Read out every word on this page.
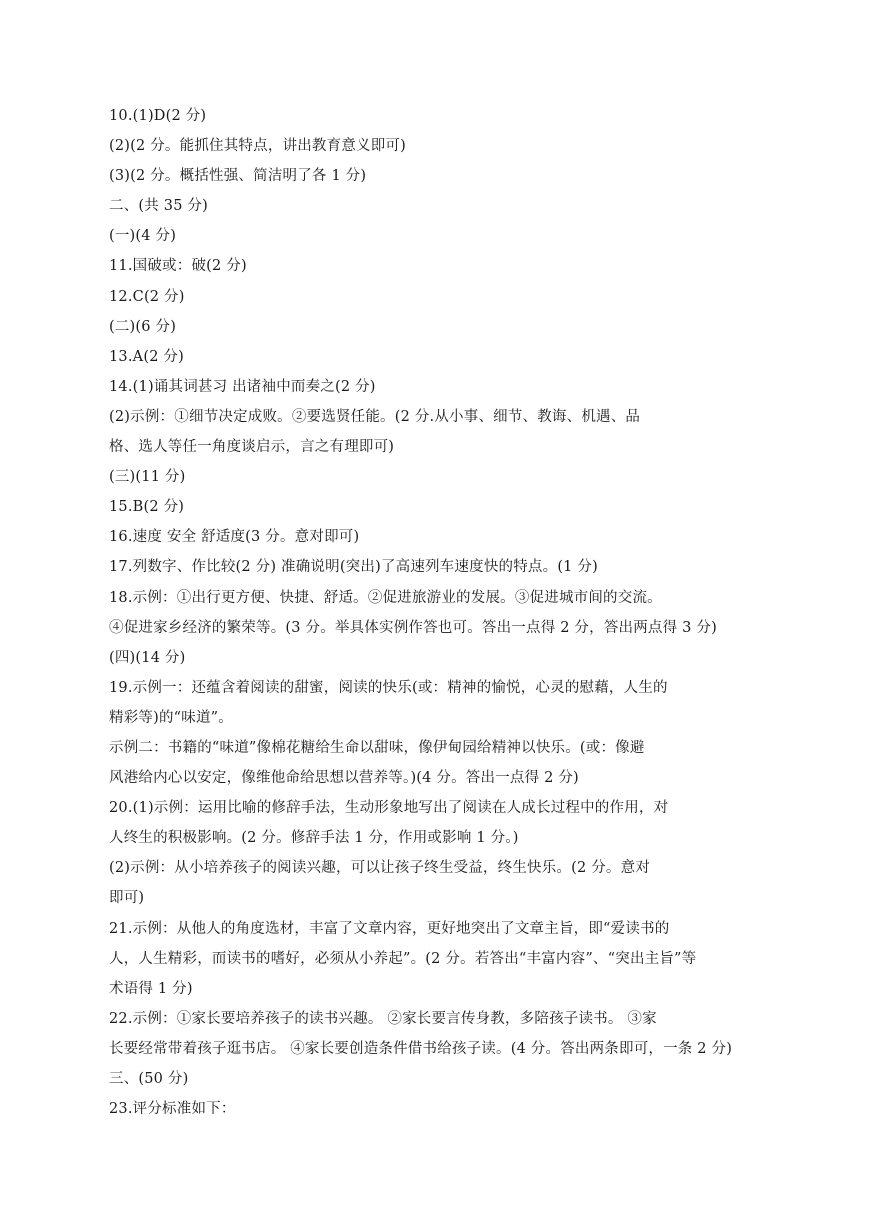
10.(1)D(2 分)
(2)(2 分。能抓住其特点，讲出教育意义即可)
(3)(2 分。概括性强、简洁明了各 1 分)
二、(共 35 分)
(一)(4 分)
11.国破或：破(2 分)
12.C(2 分)
(二)(6 分)
13.A(2 分)
14.(1)诵其词甚习 出诸袖中而奏之(2 分)
(2)示例：①细节决定成败。②要选贤任能。(2 分.从小事、细节、教诲、机遇、品
格、选人等任一角度谈启示，言之有理即可)
(三)(11 分)
15.B(2 分)
16.速度 安全 舒适度(3 分。意对即可)
17.列数字、作比较(2 分) 准确说明(突出)了高速列车速度快的特点。(1 分)
18.示例：①出行更方便、快捷、舒适。②促进旅游业的发展。③促进城市间的交流。
④促进家乡经济的繁荣等。(3 分。举具体实例作答也可。答出一点得 2 分，答出两点得 3 分)
(四)(14 分)
19.示例一：还蕴含着阅读的甜蜜，阅读的快乐(或：精神的愉悦，心灵的慰藉，人生的
精彩等)的“味道”。
示例二：书籍的“味道”像棉花糖给生命以甜味，像伊甸园给精神以快乐。(或：像避
风港给内心以安定，像维他命给思想以营养等。)(4 分。答出一点得 2 分)
20.(1)示例：运用比喻的修辞手法，生动形象地写出了阅读在人成长过程中的作用，对
人终生的积极影响。(2 分。修辞手法 1 分，作用或影响 1 分。)
(2)示例：从小培养孩子的阅读兴趣，可以让孩子终生受益，终生快乐。(2 分。意对
即可)
21.示例：从他人的角度选材，丰富了文章内容，更好地突出了文章主旨，即“爱读书的
人，人生精彩，而读书的嗜好，必须从小养起”。(2 分。若答出“丰富内容”、“突出主旨”等
术语得 1 分)
22.示例：①家长要培养孩子的读书兴趣。 ②家长要言传身教，多陪孩子读书。 ③家
长要经常带着孩子逛书店。 ④家长要创造条件借书给孩子读。(4 分。答出两条即可，一条 2 分)
三、(50 分)
23.评分标准如下：
